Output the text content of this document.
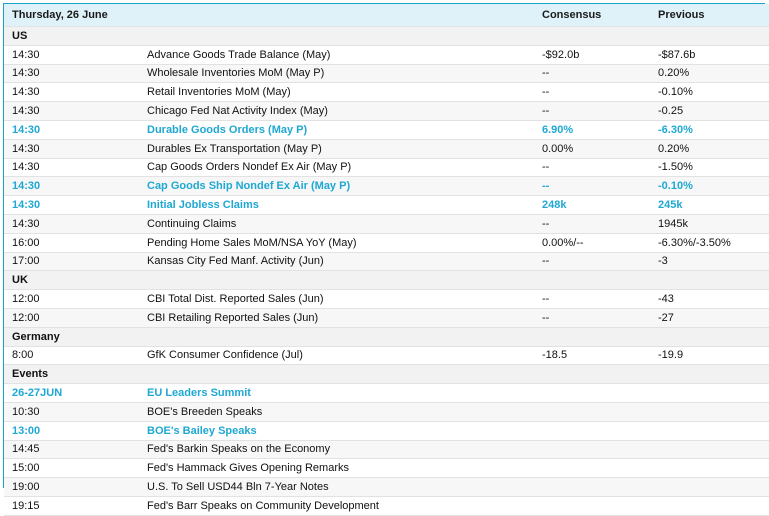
Thursday, 26 June		Consensus	Previous
US			
14:30	Advance Goods Trade Balance (May)	-$92.0b	-$87.6b
14:30	Wholesale Inventories MoM (May P)	--	0.20%
14:30	Retail Inventories MoM (May)	--	-0.10%
14:30	Chicago Fed Nat Activity Index (May)	--	-0.25
14:30	Durable Goods Orders (May P)	6.90%	-6.30%
14:30	Durables Ex Transportation (May P)	0.00%	0.20%
14:30	Cap Goods Orders Nondef Ex Air (May P)	--	-1.50%
14:30	Cap Goods Ship Nondef Ex Air (May P)	--	-0.10%
14:30	Initial Jobless Claims	248k	245k
14:30	Continuing Claims	--	1945k
16:00	Pending Home Sales MoM/NSA YoY (May)	0.00%/--	-6.30%/-3.50%
17:00	Kansas City Fed Manf. Activity (Jun)	--	-3
UK			
12:00	CBI Total Dist. Reported Sales (Jun)	--	-43
12:00	CBI Retailing Reported Sales (Jun)	--	-27
Germany			
8:00	GfK Consumer Confidence (Jul)	-18.5	-19.9
Events			
26-27JUN	EU Leaders Summit		
10:30	BOE's Breeden Speaks		
13:00	BOE's Bailey Speaks		
14:45	Fed's Barkin Speaks on the Economy		
15:00	Fed's Hammack Gives Opening Remarks		
19:00	U.S. To Sell USD44 Bln 7-Year Notes		
19:15	Fed's Barr Speaks on Community Development		
